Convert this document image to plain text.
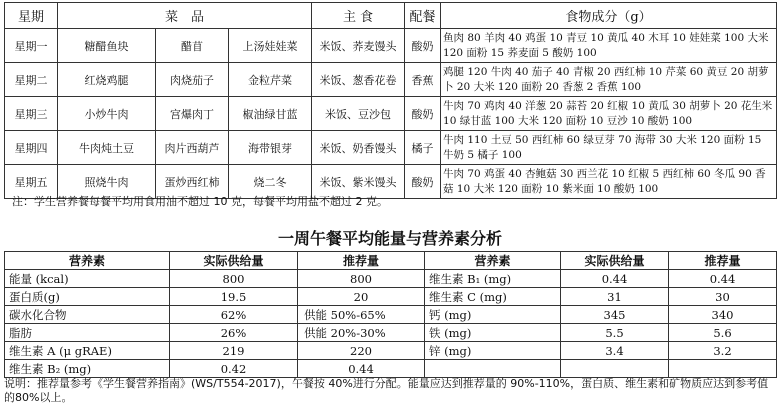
星期	菜　品			主 食	配餐	食物成分（g）
星期一	糖醋鱼块	醋苜	上汤娃娃菜	米饭、荞麦馒头	酸奶	鱼肉 80 羊肉 40 鸡蛋 10 青豆 10 黄瓜 40 木耳 10 娃娃菜 100 大米 120 面粉 15 荞麦面 5 酸奶 100
星期二	红烧鸡腿	肉烧茄子	金粒芹菜	米饭、葱香花卷	香蕉	鸡腿 120 牛肉 40 茄子 40 青椒 20 西红柿 10 芹菜 60 黄豆 20 胡萝卜 20 大米 120 面粉 20 香葱 2 香蕉 100
星期三	小炒牛肉	宫爆肉丁	椒油绿甘蓝	米饭、豆沙包	酸奶	牛肉 70 鸡肉 40 洋葱 20 蒜苔 20 红椒 10 黄瓜 30 胡萝卜 20 花生米 10 绿甘蓝 100 大米 120 面粉 10 豆沙 10 酸奶 100
星期四	牛肉炖土豆	肉片西葫芦	海带银芽	米饭、奶香馒头	橘子	牛肉 110 土豆 50 西红柿 60 绿豆芽 70 海带 30 大米 120 面粉 15 牛奶 5 橘子 100
星期五	照烧牛肉	蛋炒西红柿	烧二冬	米饭、紫米馒头	酸奶	牛肉 70 鸡蛋 40 杏鲍菇 30 西兰花 10 红椒 5 西红柿 60 冬瓜 90 香菇 10 大米 120 面粉 10 紫米面 10 酸奶 100
注：学生营养餐每餐平均用食用油不超过 10 克，每餐平均用盐不超过 2 克。
一周午餐平均能量与营养素分析
营养素	实际供给量	推荐量	营养素	实际供给量	推荐量
能量 (kcal)	800	800	维生素 B₁ (mg)	0.44	0.44
蛋白质(g)	19.5	20	维生素 C (mg)	31	30
碳水化合物	62%	供能 50%-65%	钙 (mg)	345	340
脂肪	26%	供能 20%-30%	铁 (mg)	5.5	5.6
维生素 A (μ gRAE)	219	220	锌 (mg)	3.4	3.2
维生素 B₂ (mg)	0.42	0.44			
说明：推荐量参考《学生餐营养指南》(WS/T554-2017)，午餐按 40%进行分配。能量应达到推荐量的 90%-110%，蛋白质、维生素和矿物质应达到参考值的80%以上。
